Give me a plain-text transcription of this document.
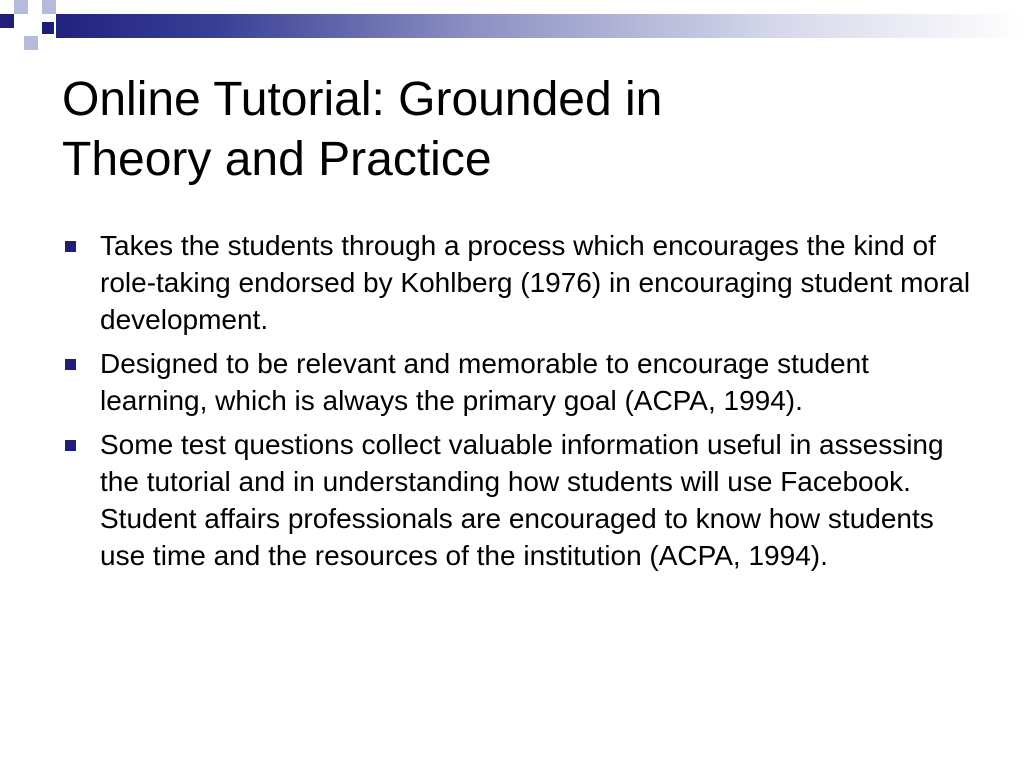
Online Tutorial: Grounded in
Theory and Practice
Takes the students through a process which encourages the kind of role-taking endorsed by Kohlberg (1976) in encouraging student moral development.
Designed to be relevant and memorable to encourage student learning, which is always the primary goal (ACPA, 1994).
Some test questions collect valuable information useful in assessing the tutorial and in understanding how students will use Facebook. Student affairs professionals are encouraged to know how students use time and the resources of the institution (ACPA, 1994).
